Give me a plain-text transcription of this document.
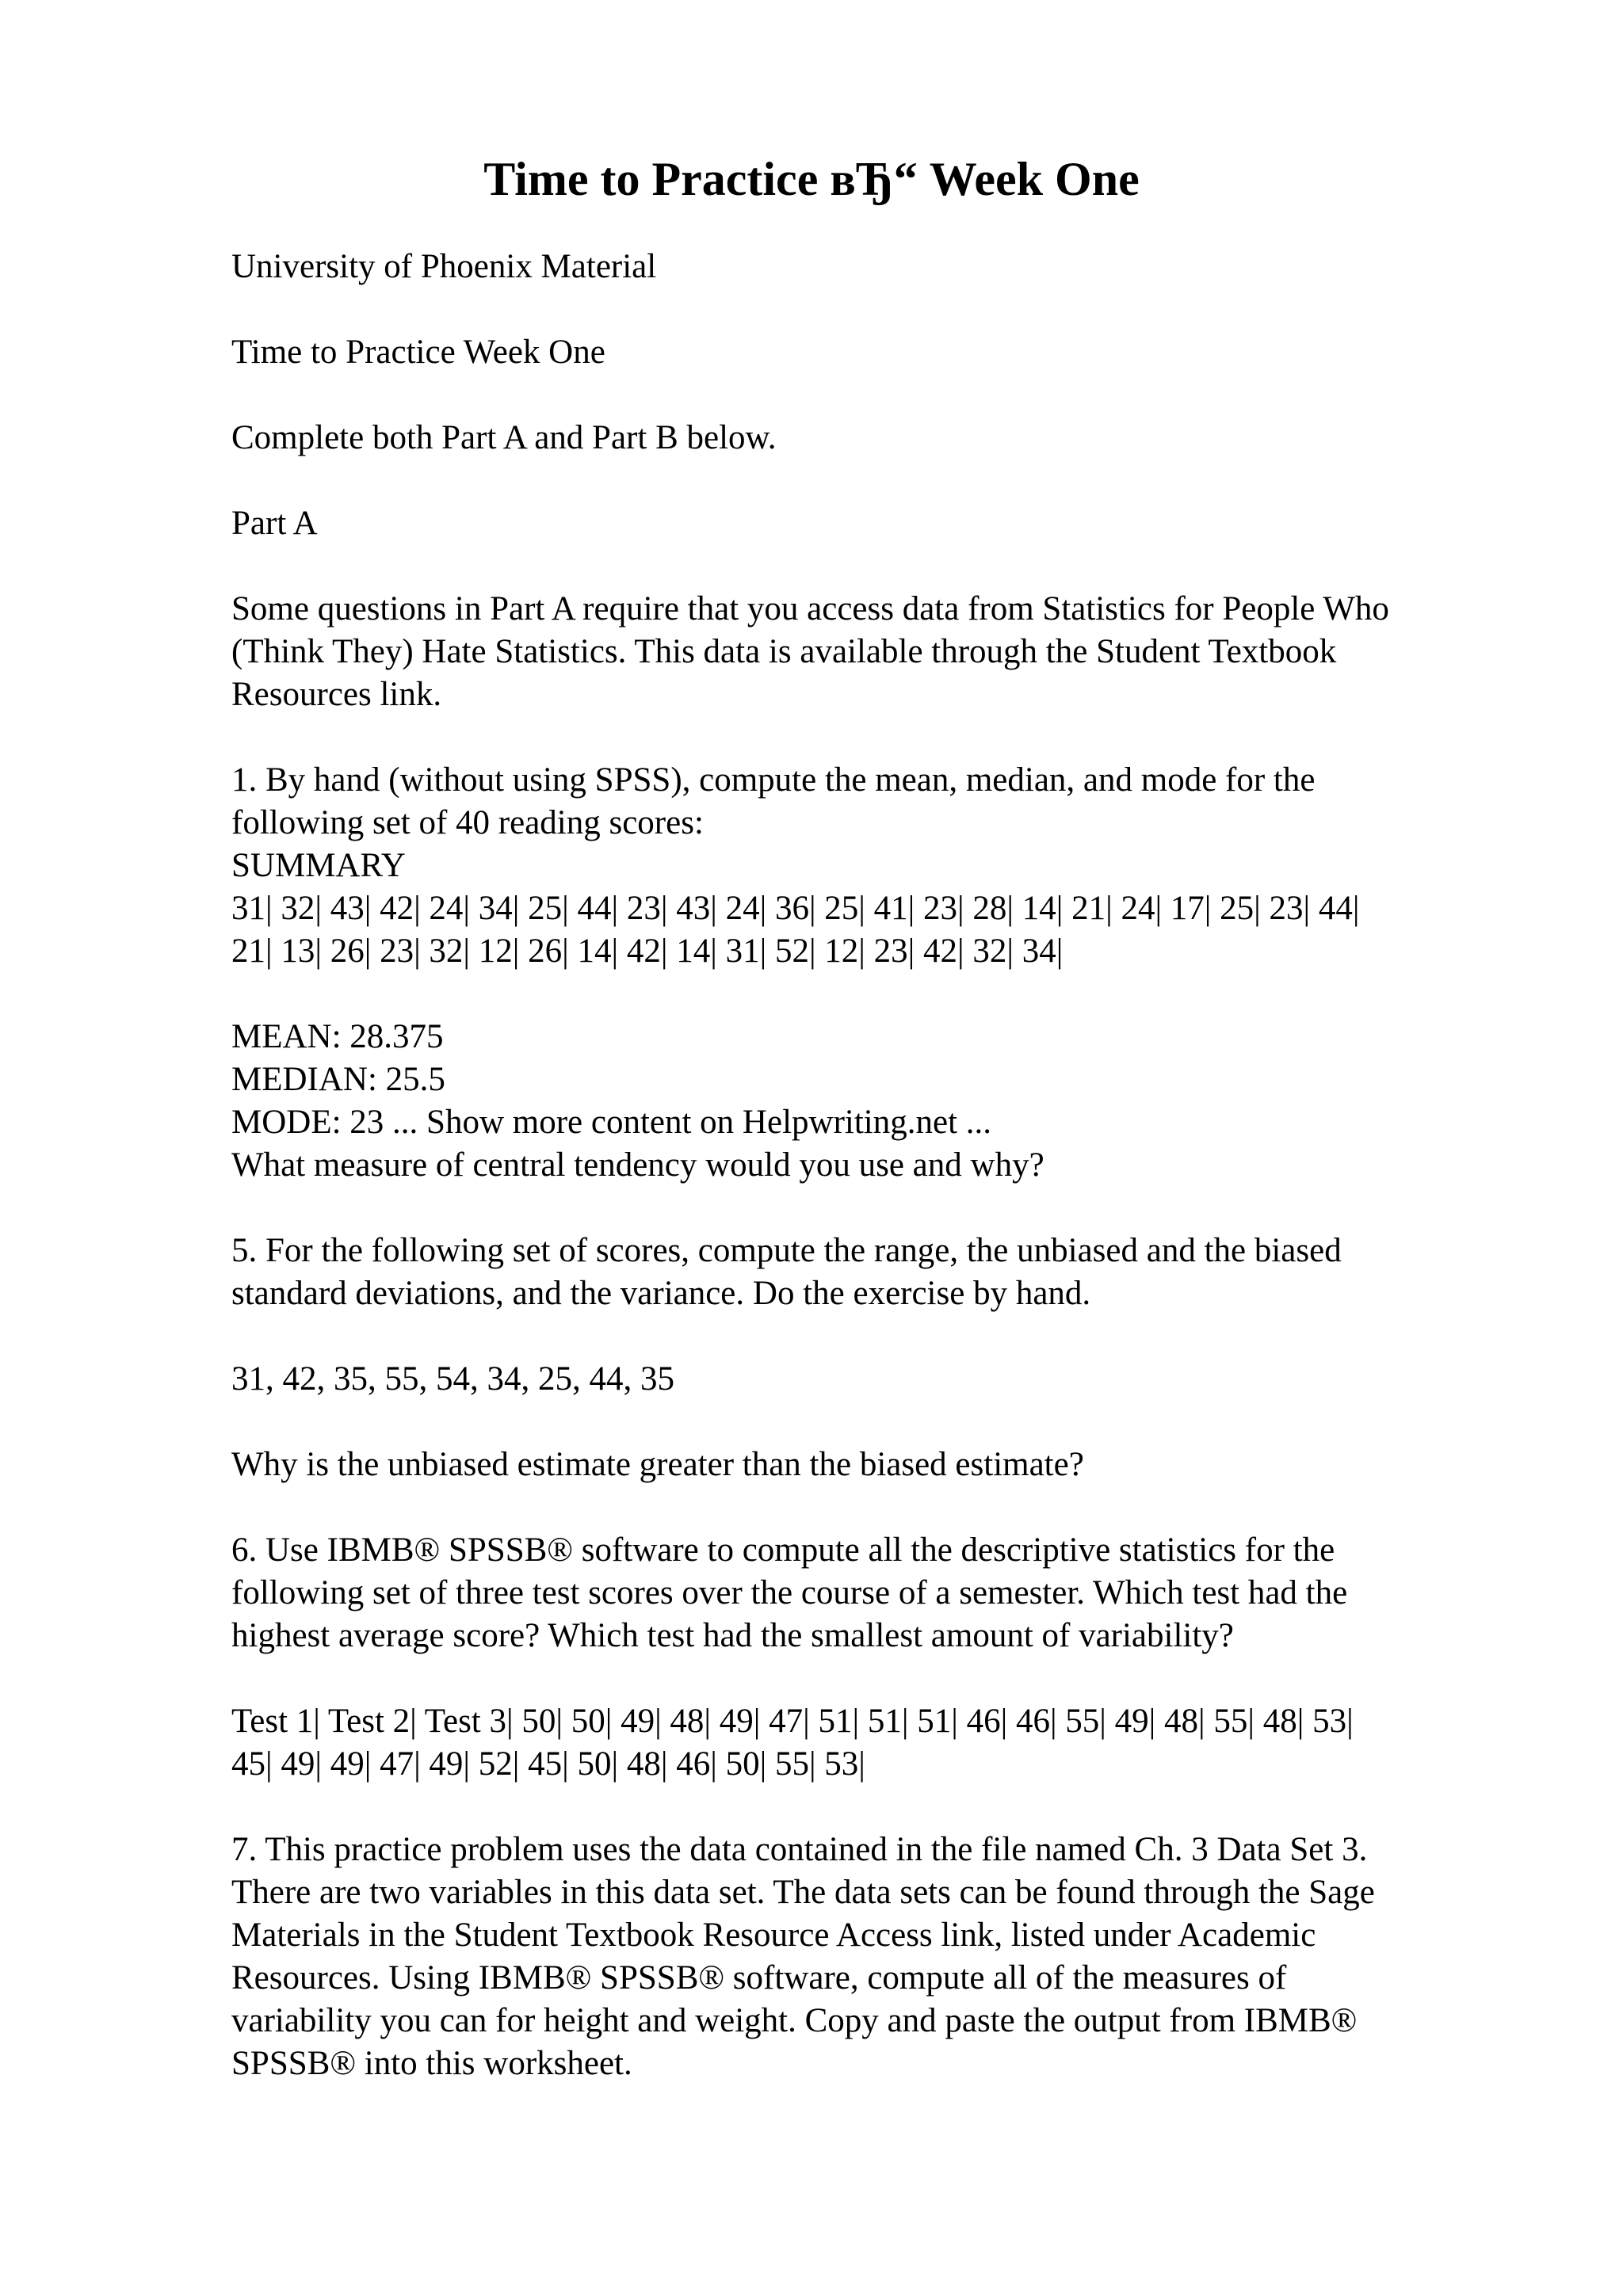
Time to Practice вЂ“ Week One

University of Phoenix Material

Time to Practice Week One

Complete both Part A and Part B below.

Part A

Some questions in Part A require that you access data from Statistics for People Who
(Think They) Hate Statistics. This data is available through the Student Textbook
Resources link.

1. By hand (without using SPSS), compute the mean, median, and mode for the
following set of 40 reading scores:
SUMMARY
31| 32| 43| 42| 24| 34| 25| 44| 23| 43| 24| 36| 25| 41| 23| 28| 14| 21| 24| 17| 25| 23| 44|
21| 13| 26| 23| 32| 12| 26| 14| 42| 14| 31| 52| 12| 23| 42| 32| 34|

MEAN: 28.375
MEDIAN: 25.5
MODE: 23 ... Show more content on Helpwriting.net ...
What measure of central tendency would you use and why?

5. For the following set of scores, compute the range, the unbiased and the biased
standard deviations, and the variance. Do the exercise by hand.

31, 42, 35, 55, 54, 34, 25, 44, 35

Why is the unbiased estimate greater than the biased estimate?

6. Use IBMВ® SPSSВ® software to compute all the descriptive statistics for the
following set of three test scores over the course of a semester. Which test had the
highest average score? Which test had the smallest amount of variability?

Test 1| Test 2| Test 3| 50| 50| 49| 48| 49| 47| 51| 51| 51| 46| 46| 55| 49| 48| 55| 48| 53|
45| 49| 49| 47| 49| 52| 45| 50| 48| 46| 50| 55| 53|

7. This practice problem uses the data contained in the file named Ch. 3 Data Set 3.
There are two variables in this data set. The data sets can be found through the Sage
Materials in the Student Textbook Resource Access link, listed under Academic
Resources. Using IBMВ® SPSSВ® software, compute all of the measures of
variability you can for height and weight. Copy and paste the output from IBMВ®
SPSSВ® into this worksheet.
